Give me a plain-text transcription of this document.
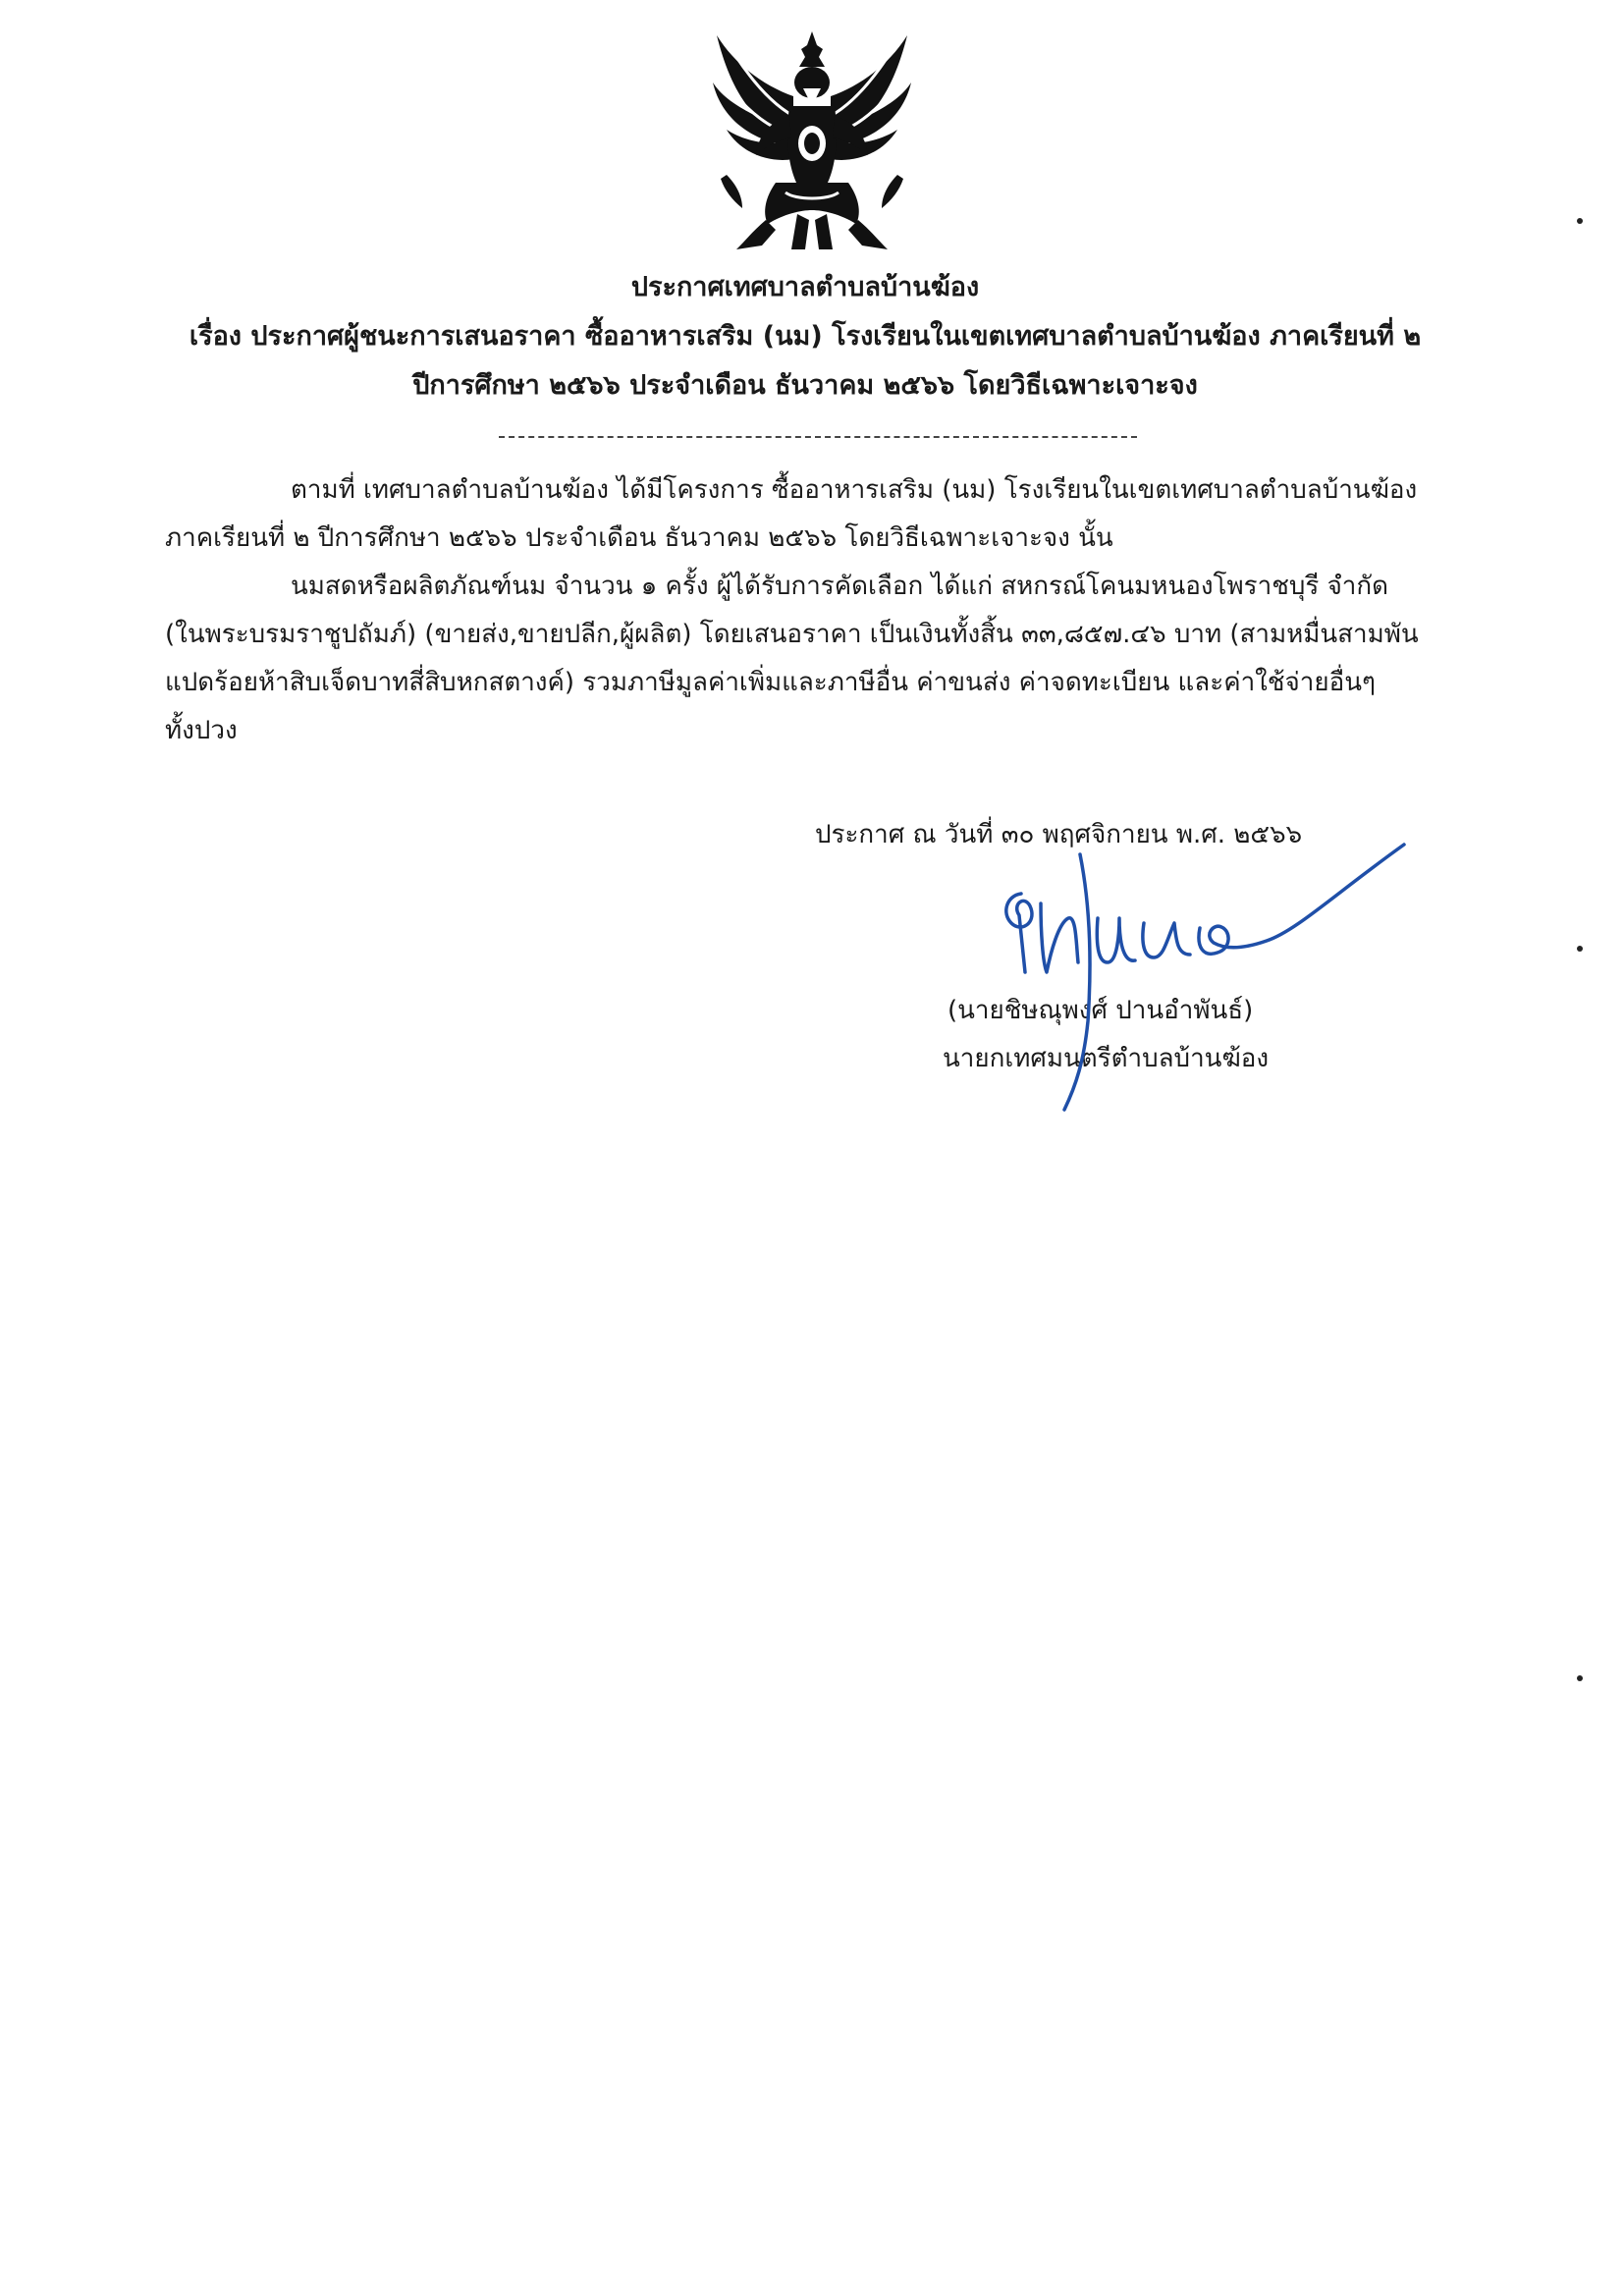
ประกาศเทศบาลตำบลบ้านฆ้อง
เรื่อง ประกาศผู้ชนะการเสนอราคา ซื้ออาหารเสริม (นม) โรงเรียนในเขตเทศบาลตำบลบ้านฆ้อง ภาคเรียนที่ ๒
ปีการศึกษา ๒๕๖๖ ประจำเดือน ธันวาคม ๒๕๖๖ โดยวิธีเฉพาะเจาะจง
ตามที่ เทศบาลตำบลบ้านฆ้อง ได้มีโครงการ ซื้ออาหารเสริม (นม) โรงเรียนในเขตเทศบาลตำบลบ้านฆ้อง
ภาคเรียนที่ ๒ ปีการศึกษา ๒๕๖๖ ประจำเดือน ธันวาคม ๒๕๖๖ โดยวิธีเฉพาะเจาะจง นั้น
นมสดหรือผลิตภัณฑ์นม จำนวน ๑ ครั้ง ผู้ได้รับการคัดเลือก ได้แก่ สหกรณ์โคนมหนองโพราชบุรี จำกัด
(ในพระบรมราชูปถัมภ์) (ขายส่ง,ขายปลีก,ผู้ผลิต) โดยเสนอราคา เป็นเงินทั้งสิ้น ๓๓,๘๕๗.๔๖ บาท (สามหมื่นสามพัน
แปดร้อยห้าสิบเจ็ดบาทสี่สิบหกสตางค์) รวมภาษีมูลค่าเพิ่มและภาษีอื่น ค่าขนส่ง ค่าจดทะเบียน และค่าใช้จ่ายอื่นๆ
ทั้งปวง
ประกาศ ณ วันที่ ๓๐ พฤศจิกายน พ.ศ. ๒๕๖๖
(นายชิษณุพงศ์ ปานอำพันธ์)
นายกเทศมนตรีตำบลบ้านฆ้อง
